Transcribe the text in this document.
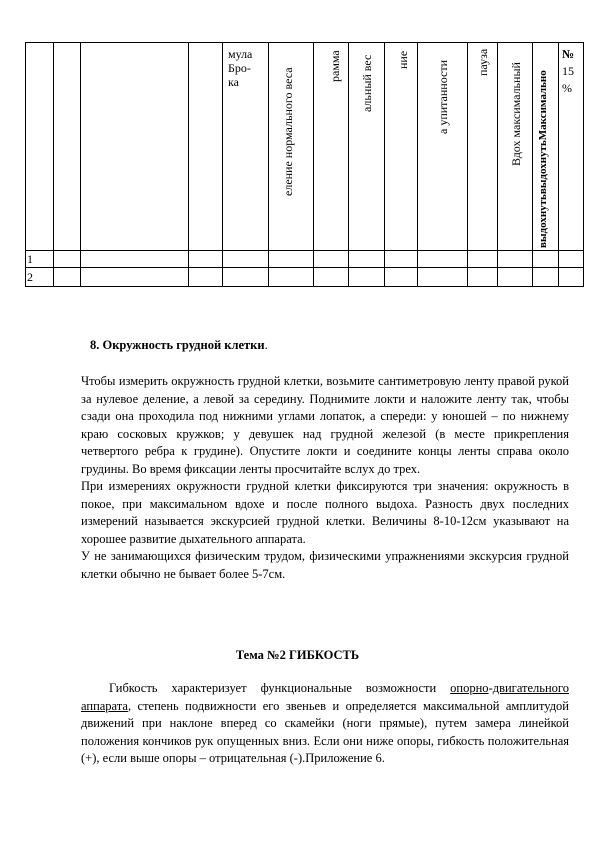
мула
Бро-
ка	еление нормального веса
рамма альный вес ние
а упитанности пауза Вдох максимальный выдохнутьвыдохнутьМаксимально
№
15
%
1
2
8. Окружность грудной клетки.

Чтобы измерить окружность грудной клетки, возьмите сантиметровую ленту правой рукой за нулевое деление, а левой за середину. Поднимите локти и наложите ленту так, чтобы сзади она проходила под нижними углами лопаток, а спереди: у юношей – по нижнему краю сосковых кружков; у девушек над грудной железой (в месте прикрепления четвертого ребра к грудине). Опустите локти и соедините концы ленты справа около грудины. Во время фиксации ленты просчитайте вслух до трех.

При измерениях окружности грудной клетки фиксируются три значения: окружность в покое, при максимальном вдохе и после полного выдоха. Разность двух последних измерений называется экскурсией грудной клетки. Величины 8-10-12см указывают на хорошее развитие дыхательного аппарата.

У не занимающихся физическим трудом, физическими упражнениями экскурсия грудной клетки обычно не бывает более 5-7см.

Тема №2 ГИБКОСТЬ

Гибкость характеризует функциональные возможности опорно-двигательного аппарата, степень подвижности его звеньев и определяется максимальной амплитудой движений при наклоне вперед со скамейки (ноги прямые), путем замера линейкой положения кончиков рук опущенных вниз. Если они ниже опоры, гибкость положительная (+), если выше опоры – отрицательная (-).Приложение 6.
